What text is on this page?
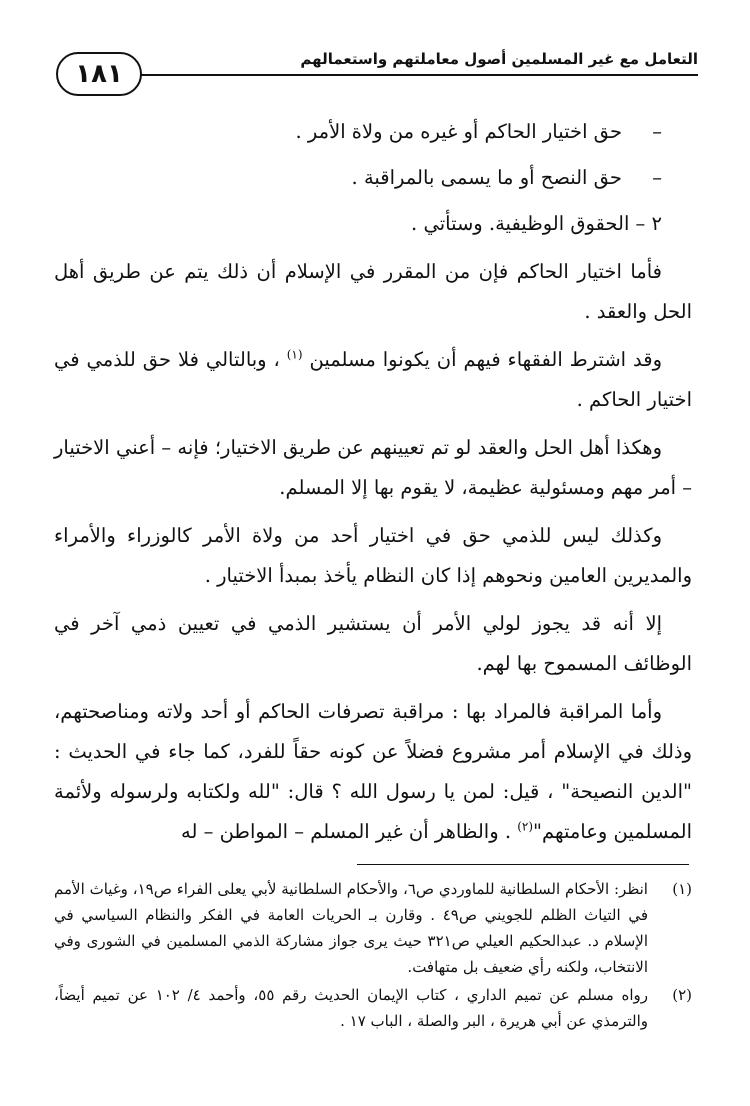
التعامل مع غير المسلمين أصول معاملتهم واستعمالهم
١٨١
–حق اختيار الحاكم أو غيره من ولاة الأمر .
–حق النصح أو ما يسمى بالمراقبة .

٢ – الحقوق الوظيفية. وستأتي .

فأما اختيار الحاكم فإن من المقرر في الإسلام أن ذلك يتم عن طريق أهل الحل والعقد .

وقد اشترط الفقهاء فيهم أن يكونوا مسلمين $^{(١)}$ ، وبالتالي فلا حق للذمي في اختيار الحاكم .

وهكذا أهل الحل والعقد لو تم تعيينهم عن طريق الاختيار؛ فإنه – أعني الاختيار – أمر مهم ومسئولية عظيمة، لا يقوم بها إلا المسلم.

وكذلك ليس للذمي حق في اختيار أحد من ولاة الأمر كالوزراء والأمراء والمديرين العامين ونحوهم إذا كان النظام يأخذ بمبدأ الاختيار .

إلا أنه قد يجوز لولي الأمر أن يستشير الذمي في تعيين ذمي آخر في الوظائف المسموح بها لهم.

وأما المراقبة فالمراد بها : مراقبة تصرفات الحاكم أو أحد ولاته ومناصحتهم، وذلك في الإسلام أمر مشروع فضلاً عن كونه حقاً للفرد، كما جاء في الحديث : "الدين النصيحة" ، قيل: لمن يا رسول الله ؟ قال: "لله ولكتابه ولرسوله ولأئمة المسلمين وعامتهم"$^{(٢)}$ . والظاهر أن غير المسلم – المواطن – له

(١)
انظر: الأحكام السلطانية للماوردي ص٦، والأحكام السلطانية لأبي يعلى الفراء ص١٩، وغياث الأمم في التياث الظلم للجويني ص٤٩ . وقارن بـ الحريات العامة في الفكر والنظام السياسي في الإسلام د. عبدالحكيم العيلي ص٣٢١ حيث يرى جواز مشاركة الذمي المسلمين في الشورى وفي الانتخاب، ولكنه رأي ضعيف بل متهافت.
(٢)
رواه مسلم عن تميم الداري ، كتاب الإيمان الحديث رقم ٥٥، وأحمد ٤/ ١٠٢ عن تميم أيضاً، والترمذي عن أبي هريرة ، البر والصلة ، الباب ١٧ .
